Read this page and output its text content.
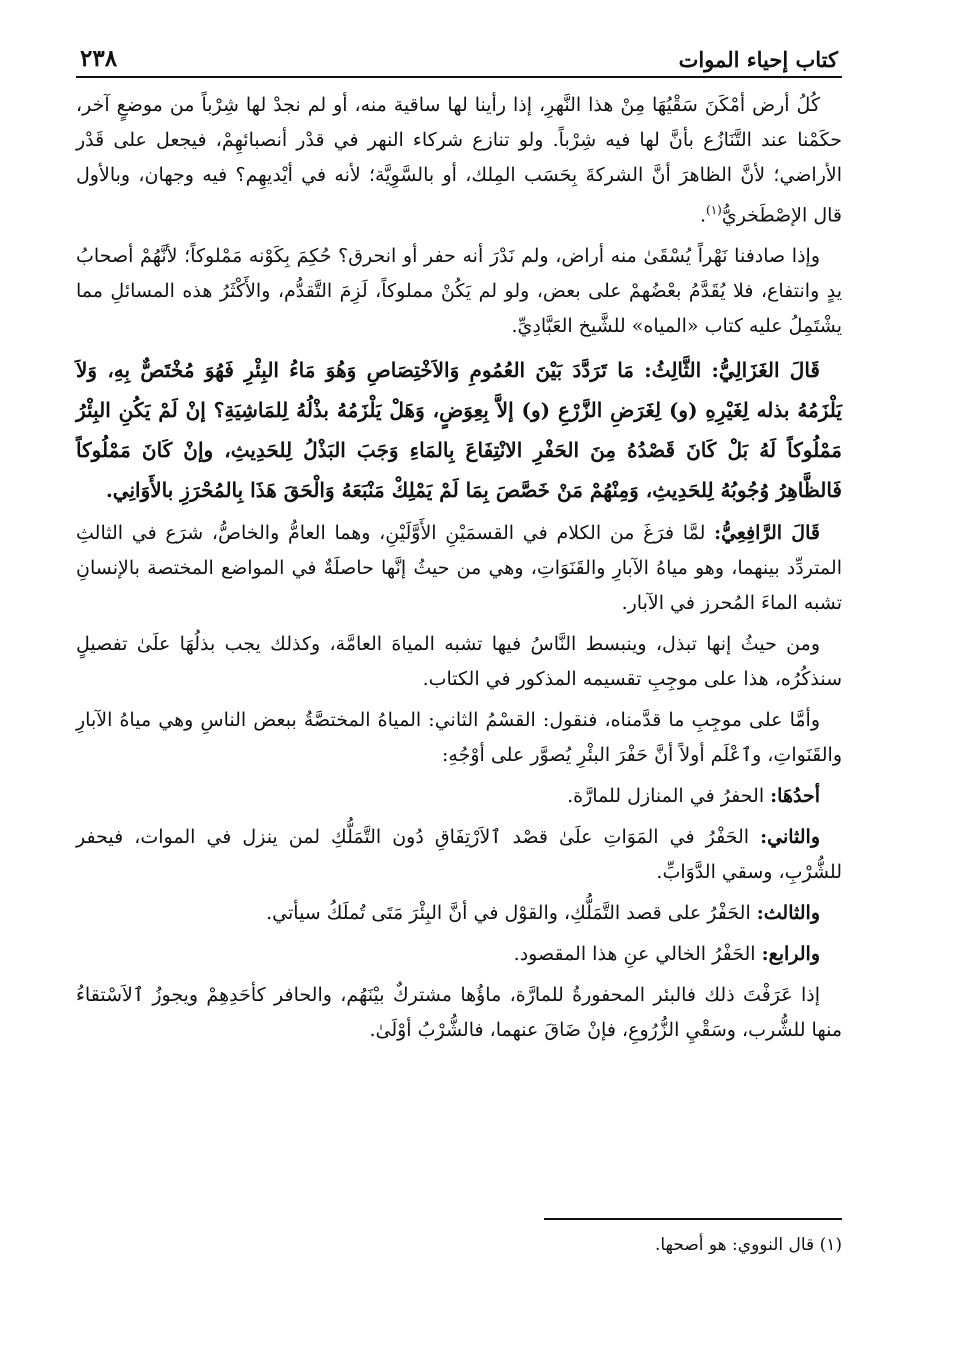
كتاب إحياء الموات
٢٣٨

كُلُ أرض أمْكَنَ سَقْيُهَا مِنْ هذا النَّهرِ، إذا رأينا لها ساقية منه، أو لم نجدْ لها شِرْباً من موضعٍ آخر، حكَمْنا عند التَّنَازُع بأنَّ لها فيه شِرْباً. ولو تنازع شركاء النهر في قدْر أنصبائهِمْ، فيجعل على قَدْر الأراضي؛ لأنَّ الظاهرَ أنَّ الشركةَ بِحَسَب المِلك، أو بالسَّوِيَّة؛ لأنه في أيْديهِم؟ فيه وجهان، وبالأول قال الإصْطَخريُّ$^{(١)}$.

وإذا صادفنا نَهْراً يُسْقَىٰ منه أراض، ولم نَدْرَ أنه حفر أو انحرق؟ حُكِمَ بِكَوْنه مَمْلوكاً؛ لأنَّهُمْ أصحابُ يدٍ وانتفاع، فلا يُقَدَّمُ بعْضُهمْ على بعض، ولو لم يَكُنْ مملوكاً، لَزِمَ التَّقدُّم، والأَكْثَرُ هذه المسائلِ مما يشْتَمِلُ عليه كتاب «المياه» للشَّيخ العَبَّادِيِّ.

قَالَ الغَزَالِيُّ: الثَّالِثُ: مَا تَرَدَّدَ بَيْنَ العُمُومِ وَالاَخْتِصَاصِ وَهُوَ مَاءُ البِئْرِ فَهُوَ مُخْتَصٌّ بِهِ، وَلاَ يَلْزَمُهُ بذله لِغَيْرِهِ (و) لِغَرَضِ الزَّرْعِ (و) إلاَّ بِعِوَضٍ، وَهَلْ يَلْزَمُهُ بذْلُهُ لِلمَاشِيَةِ؟ إنْ لَمْ يَكُنِ البِئْرُ مَمْلُوكاً لَهُ بَلْ كَانَ قَصْدُهُ مِنَ الحَفْرِ الانْتِفَاعَ بِالمَاءِ وَجَبَ البَذْلُ لِلحَدِيثِ، وإنْ كَانَ مَمْلُوكاً فَالظَّاهِرُ وُجُوبُهُ لِلحَدِيثِ، وَمِنْهُمْ مَنْ خَصَّصَ بِمَا لَمْ يَمْلِكْ مَنْبَعَهُ وَالْحَقَ هَذَا بِالمُحْرَزِ بالأَوَانِي.

قَالَ الرَّافِعِيُّ: لمَّا فرَغَ من الكلام في القسمَيْنِ الأَوَّلَيْنِ، وهما العامُّ والخاصُّ، شرَع في الثالثِ المتردِّد بينهما، وهو مياهُ الآبارِ والقَنَوَاتِ، وهي من حيثُ إنَّها حاصلَةٌ في المواضع المختصة بالإنسانِ تشبه الماءَ المُحرز في الآبار.

ومن حيثُ إنها تبذل، وينبسط النَّاسُ فيها تشبه المياهَ العامَّة، وكذلك يجب بذلُهَا علَىٰ تفصيلٍ سنذكُرُه، هذا على موجِبِ تقسيمه المذكور في الكتاب.

وأمَّا على موجِبِ ما قدَّمناه، فنقول: القسْمُ الثاني: المياهُ المختصَّةُ ببعض الناسِ وهي مياهُ الآبارِ والقَنَواتِ، وٱعْلَم أولاً أنَّ حَفْرَ البئْرِ يُصوَّر على أوْجُهِ:

أحدُهَا: الحفرُ في المنازل للمارَّة.

والثاني: الحَفْرُ في المَوَاتِ علَىٰ قصْد ٱلاَرْتِفَاقِ دُون التَّمَلُّكِ لمن ينزل في الموات، فيحفر للشُّرْبِ، وسقي الدَّوَابِّ.

والثالث: الحَفْرُ على قصد التَّمَلُّكِ، والقوْل في أنَّ البِئْرَ مَتَى تُملَكُ سيأتي.

والرابع: الحَفْرُ الخالي عنِ هذا المقصود.

إذا عَرَفْتَ ذلك فالبئر المحفورةُ للمارَّة، ماؤُها مشتركٌ بيْنَهُم، والحافر كأحَدِهِمْ ويجوزُ ٱلاَسْتقاءُ منها للشُّرب، وسَقْيِ الزُّرُوعِ، فإنْ ضَاقَ عنهما، فالشُّرْبُ أوْلَىٰ.

(١) قال النووي: هو أصحها.
